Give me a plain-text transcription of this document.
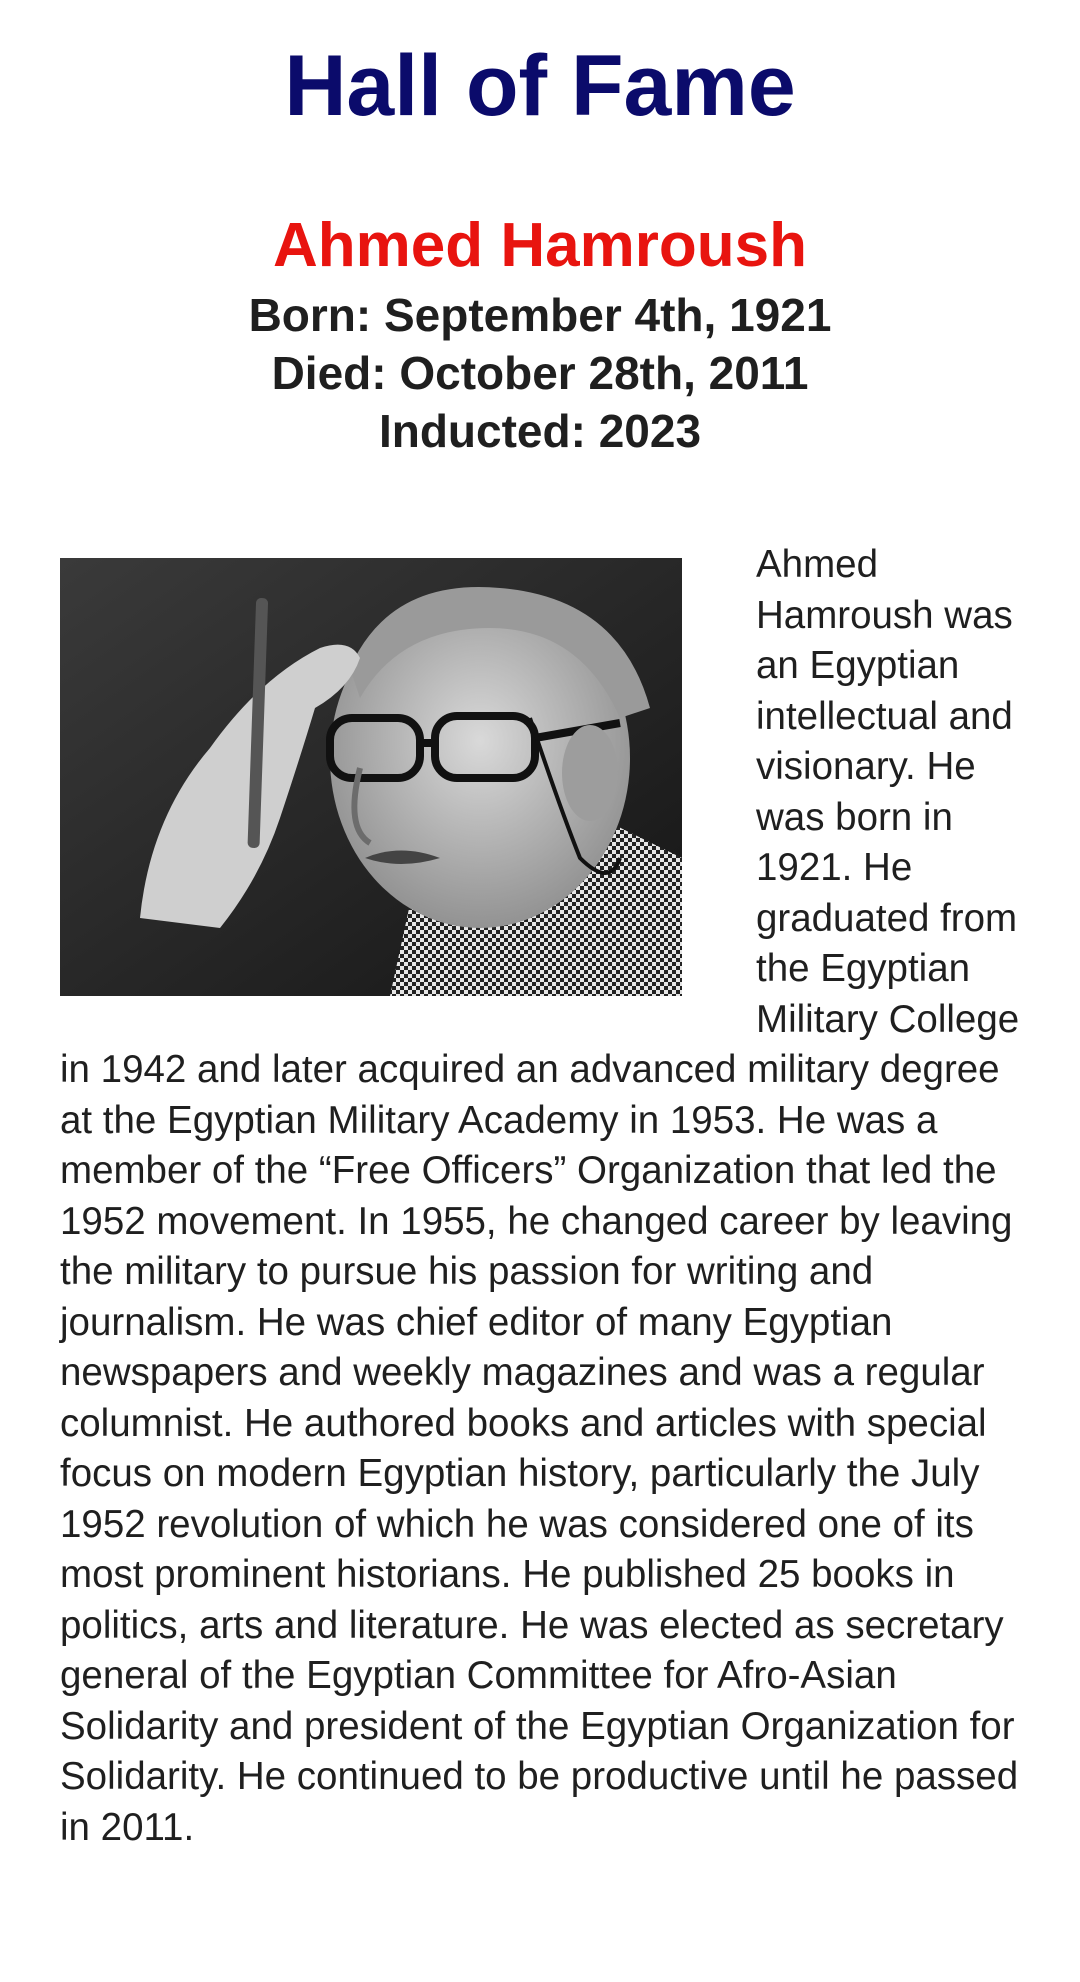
Hall of Fame
Ahmed Hamroush
Born: September 4th, 1921
Died: October 28th, 2011
Inducted: 2023

Ahmed Hamroush was an Egyptian intellectual and visionary. He was born in 1921. He graduated from the Egyptian Military College in 1942 and later acquired an advanced military degree at the Egyptian Military Academy in 1953. He was a member of the “Free Officers” Organization that led the 1952 movement. In 1955, he changed career by leaving the military to pursue his passion for writing and journalism. He was chief editor of many Egyptian newspapers and weekly magazines and was a regular columnist. He authored books and articles with special focus on modern Egyptian history, particularly the July 1952 revolution of which he was considered one of its most prominent historians. He published 25 books in politics, arts and literature. He was elected as secretary general of the Egyptian Committee for Afro-Asian Solidarity and president of the Egyptian Organization for Solidarity. He continued to be productive until he passed in 2011.
